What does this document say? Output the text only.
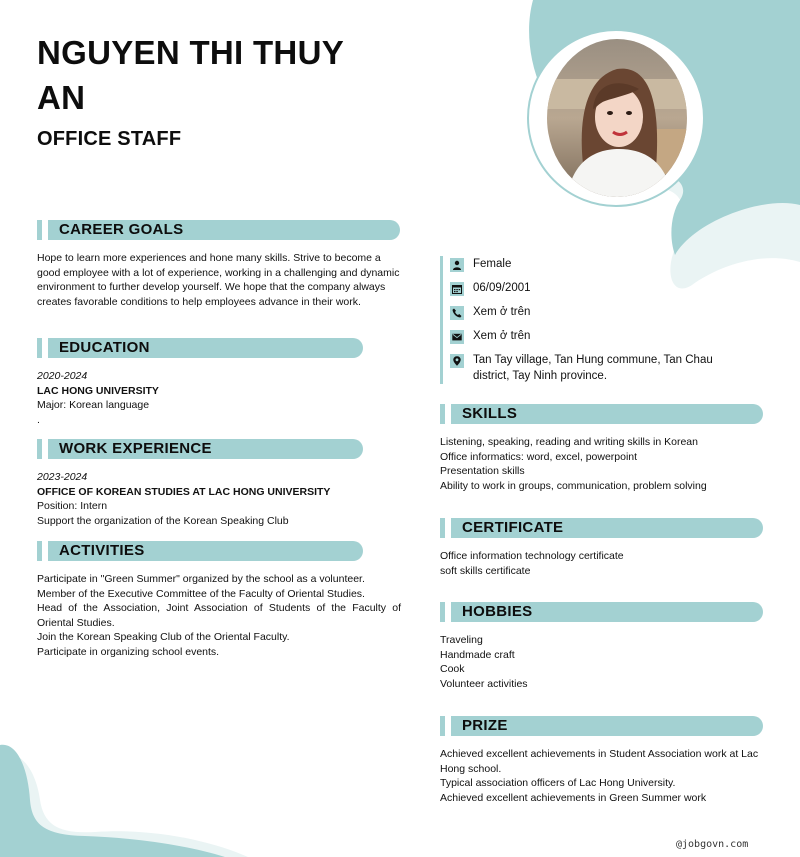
NGUYEN THI THUY AN
OFFICE STAFF
CAREER GOALS
Hope to learn more experiences and hone many skills. Strive to become a
good employee with a lot of experience, working in a challenging and dynamic
environment to further develop yourself. We hope that the company always
creates favorable conditions to help employees advance in their work.
EDUCATION
2020-2024
LAC HONG UNIVERSITY
Major: Korean language
.
WORK EXPERIENCE
2023-2024
OFFICE OF KOREAN STUDIES AT LAC HONG UNIVERSITY
Position: Intern
Support the organization of the Korean Speaking Club
ACTIVITIES
Participate in "Green Summer" organized by the school as a volunteer.
Member of the Executive Committee of the Faculty of Oriental Studies.
Head of the Association, Joint Association of Students of the Faculty of
Oriental Studies.
Join the Korean Speaking Club of the Oriental Faculty.
Participate in organizing school events.
Female
06/09/2001
Xem ở trên
Xem ở trên
Tan Tay village, Tan Hung commune, Tan Chau
district, Tay Ninh province.
SKILLS
Listening, speaking, reading and writing skills in Korean
Office informatics: word, excel, powerpoint
Presentation skills
Ability to work in groups, communication, problem solving
CERTIFICATE
Office information technology certificate
soft skills certificate
HOBBIES
Traveling
Handmade craft
Cook
Volunteer activities
PRIZE
Achieved excellent achievements in Student Association work at Lac
Hong school.
Typical association officers of Lac Hong University.
Achieved excellent achievements in Green Summer work
@jobgovn.com
